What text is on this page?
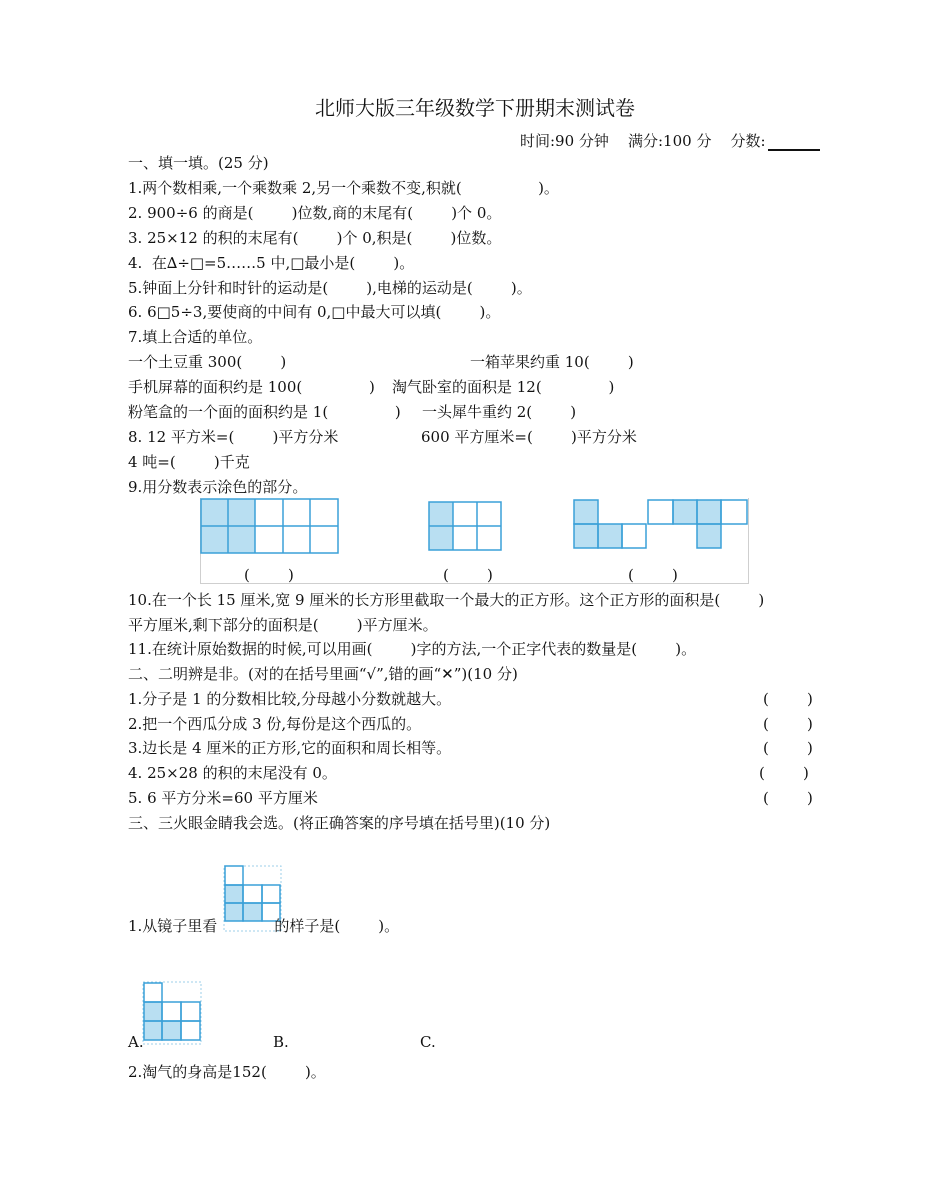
北师大版三年级数学下册期末测试卷
时间:90 分钟 满分:100 分 分数:
一、填一填。(25 分)
1.两个数相乘,一个乘数乘 2,另一个乘数不变,积就(                )。
2. 900÷6 的商是(        )位数,商的末尾有(        )个 0。
3. 25×12 的积的末尾有(        )个 0,积是(        )位数。
4.  在∆÷□=5……5 中,□最小是(        )。
5.钟面上分针和时针的运动是(        ),电梯的运动是(        )。
6. 6□5÷3,要使商的中间有 0,□中最大可以填(        )。
7.填上合适的单位。
一个土豆重 300(        )	一箱苹果约重 10(        )
手机屏幕的面积约是 100(              ) 淘气卧室的面积是 12(              )
粉笔盒的一个面的面积约是 1(              ) 一头犀牛重约 2(        )
8. 12 平方米=(        )平方分米	600 平方厘米=(        )平方分米
4 吨=(        )千克
9.用分数表示涂色的部分。
(        )	(        )	(        )
10.在一个长 15 厘米,宽 9 厘米的长方形里截取一个最大的正方形。这个正方形的面积是(        )
平方厘米,剩下部分的面积是(        )平方厘米。
11.在统计原始数据的时候,可以用画(        )字的方法,一个正字代表的数量是(        )。
二、二明辨是非。(对的在括号里画“√”,错的画“✕”)(10 分)
1.分子是 1 的分数相比较,分母越小分数就越大。	(        )
2.把一个西瓜分成 3 份,每份是这个西瓜的。	(        )
3.边长是 4 厘米的正方形,它的面积和周长相等。	(        )
4. 25×28 的积的末尾没有 0。	(        )
5. 6 平方分米=60 平方厘米	(        )
三、三火眼金睛我会选。(将正确答案的序号填在括号里)(10 分)
1.从镜子里看	的样子是(        )。
A.	B.	C.
2.淘气的身高是152(        )。
